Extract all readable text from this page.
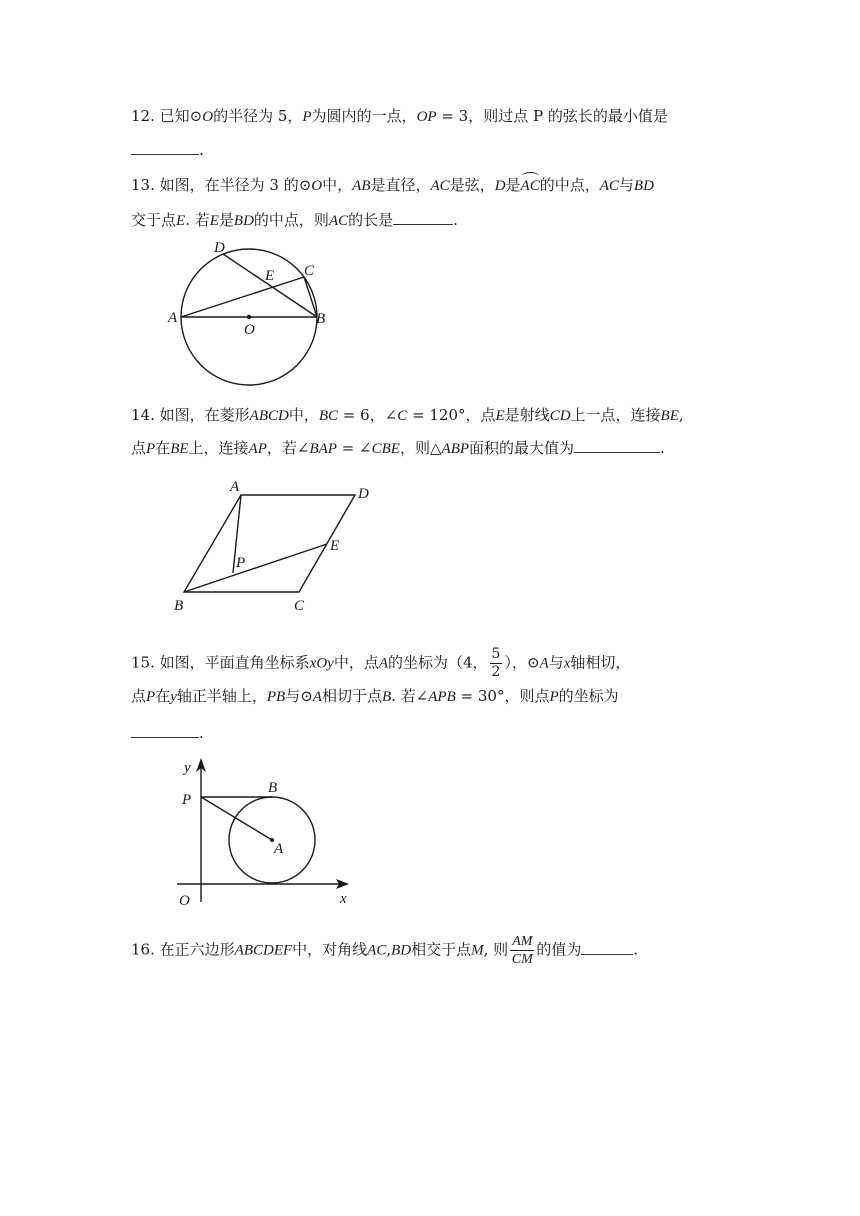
12. 已知⊙O的半径为 5，P为圆内的一点，OP = 3，则过点 P 的弦长的最小值是
.
13. 如图，在半径为 3 的⊙O中，AB是直径，AC是弦，D是AC的中点，AC与BD
交于点E. 若E是BD的中点，则AC的长是	.
A	B
C
D
E
O
14. 如图，在菱形ABCD中，BC = 6，∠C = 120°，点E是射线CD上一点，连接BE,
点P在BE上，连接AP，若∠BAP = ∠CBE，则△ABP面积的最大值为	.
A	D
E
P
B	C
15. 如图，平面直角坐标系xOy中，点A的坐标为（4， $\frac{5}{2}$ ），⊙A与x轴相切，
点P在y轴正半轴上，PB与⊙A相切于点B. 若∠APB = 30°，则点P的坐标为
.
y
P
B
A
O	x
16. 在正六边形ABCDEF中，对角线AC,BD相交于点M, 则 $\frac{AM}{CM}$ 的值为	.
